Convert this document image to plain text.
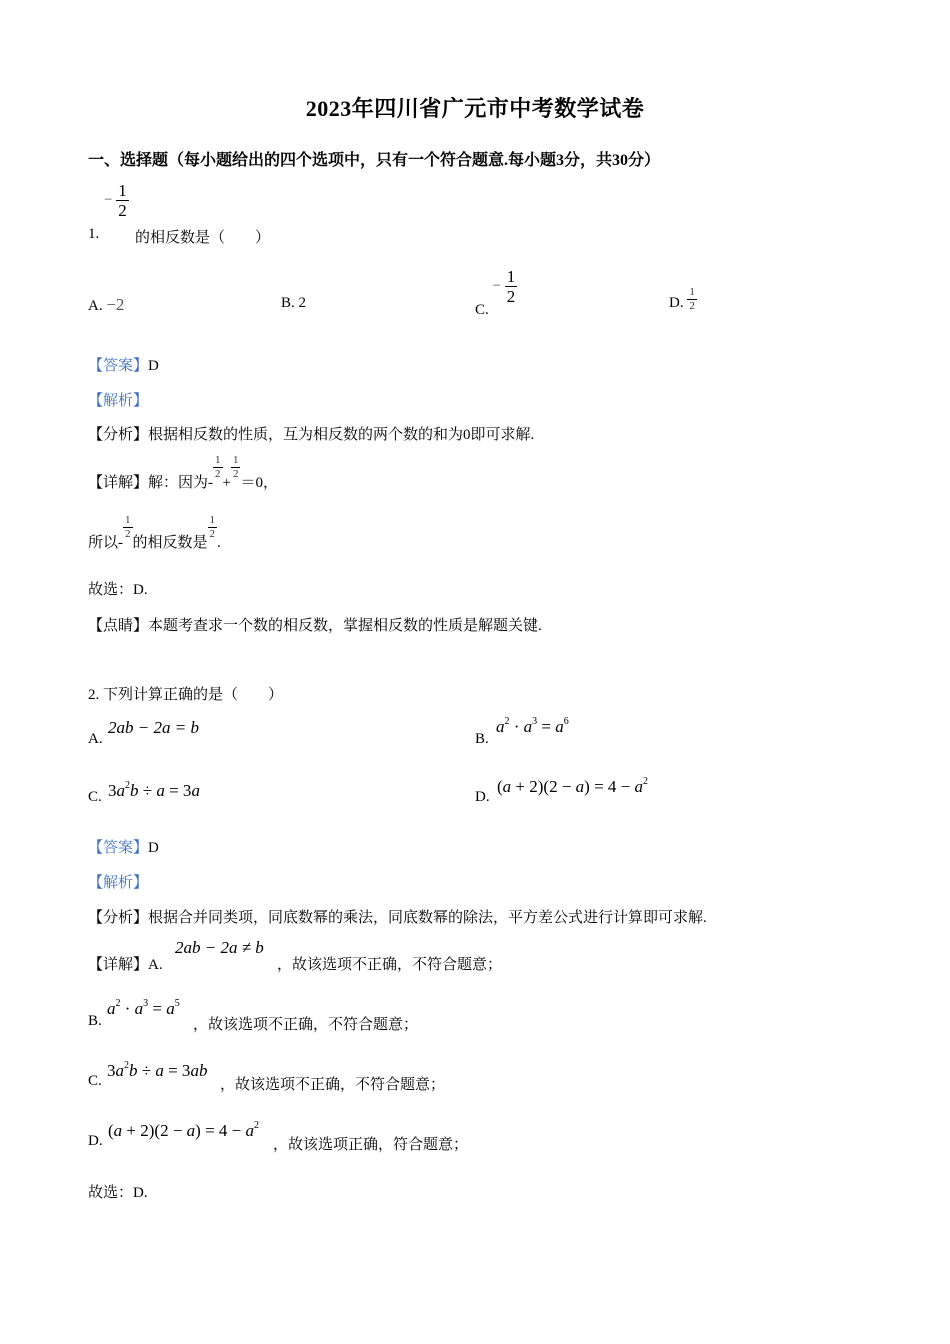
2023年四川省广元市中考数学试卷
一、选择题（每小题给出的四个选项中，只有一个符合题意.每小题3分，共30分）
− $\frac{1}{2}$
1. 的相反数是（　　）
A. −2	B. 2	C. − $\frac{1}{2}$	D. $\frac{1}{2}$
【答案】D
【解析】
【分析】根据相反数的性质，互为相反数的两个数的和为0即可求解.
【详解】解：因为-
$\frac{1}{2}$
+
$\frac{1}{2}$
＝0，
所以-
$\frac{1}{2}$
的相反数是
$\frac{1}{2}$
.
故选：D.
【点睛】本题考查求一个数的相反数，掌握相反数的性质是解题关键.
2. 下列计算正确的是（　　）
A.
2ab − 2a = b
B.
$a^2 \cdot a^3 = a^6$
C. $3a^2b \div a = 3a$	D.
$(a + 2)(2 - a) = 4 - a^2$
【答案】D
【解析】
【分析】根据合并同类项，同底数幂的乘法，同底数幂的除法，平方差公式进行计算即可求解.
【详解】A.
2ab − 2a ≠ b
，故该选项不正确，不符合题意；
B.
$a^2 \cdot a^3 = a^5$
，故该选项不正确，不符合题意；
C.
$3a^2b \div a = 3ab$
，故该选项不正确，不符合题意；
D.
$(a + 2)(2 - a) = 4 - a^2$
，故该选项正确，符合题意；
故选：D.
